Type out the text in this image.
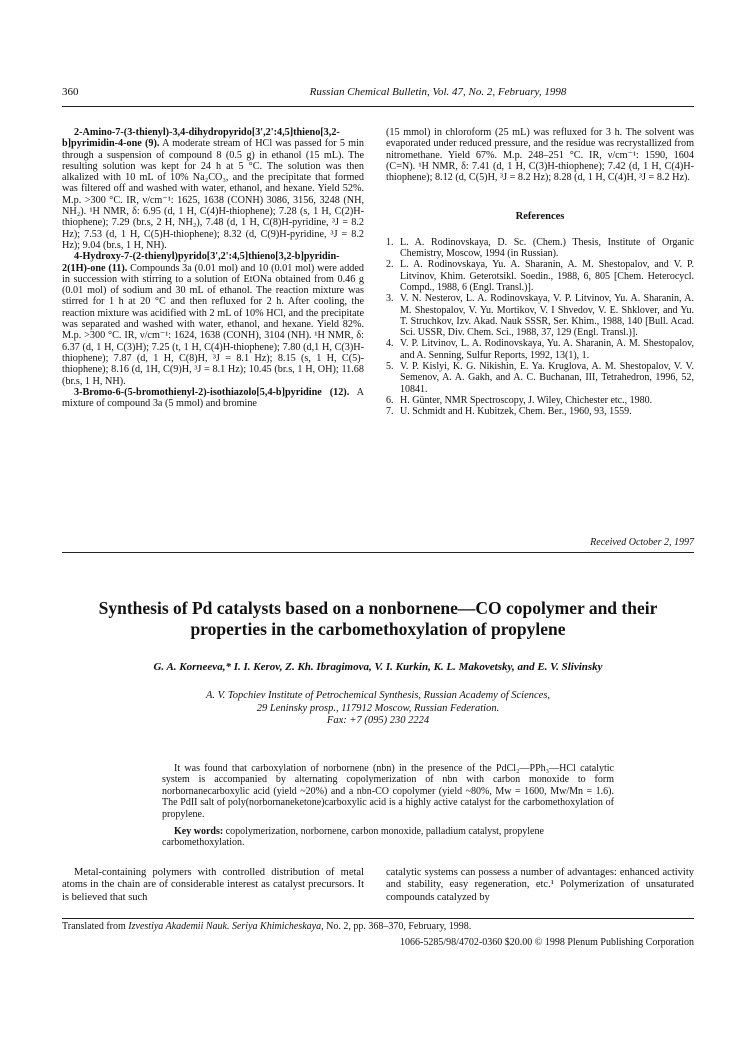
360	Russian Chemical Bulletin, Vol. 47, No. 2, February, 1998

2-Amino-7-(3-thienyl)-3,4-dihydropyrido[3',2':4,5]thieno[3,2-b]pyrimidin-4-one (9). A moderate stream of HCl was passed for 5 min through a suspension of compound 8 (0.5 g) in ethanol (15 mL). The resulting solution was kept for 24 h at 5 °C. The solution was then alkalized with 10 mL of 10% Na₂CO₃, and the precipitate that formed was filtered off and washed with water, ethanol, and hexane. Yield 52%. M.p. >300 °C. IR, ν/cm⁻¹: 1625, 1638 (CONH) 3086, 3156, 3248 (NH, NH₂). ¹H NMR, δ: 6.95 (d, 1 H, C(4)H-thiophene); 7.28 (s, 1 H, C(2)H-thiophene); 7.29 (br.s, 2 H, NH₂), 7.48 (d, 1 H, C(8)H-pyridine, ³J = 8.2 Hz); 7.53 (d, 1 H, C(5)H-thiophene); 8.32 (d, C(9)H-pyridine, ³J = 8.2 Hz); 9.04 (br.s, 1 H, NH).

4-Hydroxy-7-(2-thienyl)pyrido[3',2':4,5]thieno[3,2-b]pyridin-2(1H)-one (11). Compounds 3a (0.01 mol) and 10 (0.01 mol) were added in succession with stirring to a solution of EtONa obtained from 0.46 g (0.01 mol) of sodium and 30 mL of ethanol. The reaction mixture was stirred for 1 h at 20 °C and then refluxed for 2 h. After cooling, the reaction mixture was acidified with 2 mL of 10% HCl, and the precipitate was separated and washed with water, ethanol, and hexane. Yield 82%. M.p. >300 °C. IR, ν/cm⁻¹: 1624, 1638 (CONH), 3104 (NH). ¹H NMR, δ: 6.37 (d, 1 H, C(3)H); 7.25 (t, 1 H, C(4)H-thiophene); 7.80 (d,1 H, C(3)H-thiophene); 7.87 (d, 1 H, C(8)H, ³J = 8.1 Hz); 8.15 (s, 1 H, C(5)-thiophene); 8.16 (d, 1H, C(9)H, ³J = 8.1 Hz); 10.45 (br.s, 1 H, OH); 11.68 (br.s, 1 H, NH).

3-Bromo-6-(5-bromothienyl-2)-isothiazolo[5,4-b]pyridine (12). A mixture of compound 3a (5 mmol) and bromine

(15 mmol) in chloroform (25 mL) was refluxed for 3 h. The solvent was evaporated under reduced pressure, and the residue was recrystallized from nitromethane. Yield 67%. M.p. 248–251 °C. IR, ν/cm⁻¹: 1590, 1604 (C=N). ¹H NMR, δ: 7.41 (d, 1 H, C(3)H-thiophene); 7.42 (d, 1 H, C(4)H-thiophene); 8.12 (d, C(5)H, ³J = 8.2 Hz); 8.28 (d, 1 H, C(4)H, ³J = 8.2 Hz).

References
1. L. A. Rodinovskaya, D. Sc. (Chem.) Thesis, Institute of Organic Chemistry, Moscow, 1994 (in Russian).
2. L. A. Rodinovskaya, Yu. A. Sharanin, A. M. Shestopalov, and V. P. Litvinov, Khim. Geterotsikl. Soedin., 1988, 6, 805 [Chem. Heterocycl. Compd., 1988, 6 (Engl. Transl.)].
3. V. N. Nesterov, L. A. Rodinovskaya, V. P. Litvinov, Yu. A. Sharanin, A. M. Shestopalov, V. Yu. Mortikov, V. I Shvedov, V. E. Shklover, and Yu. T. Struchkov, Izv. Akad. Nauk SSSR, Ser. Khim., 1988, 140 [Bull. Acad. Sci. USSR, Div. Chem. Sci., 1988, 37, 129 (Engl. Transl.)].
4. V. P. Litvinov, L. A. Rodinovskaya, Yu. A. Sharanin, A. M. Shestopalov, and A. Senning, Sulfur Reports, 1992, 13(1), 1.
5. V. P. Kislyi, K. G. Nikishin, E. Ya. Kruglova, A. M. Shestopalov, V. V. Semenov, A. A. Gakh, and A. C. Buchanan, III, Tetrahedron, 1996, 52, 10841.
6. H. Günter, NMR Spectroscopy, J. Wiley, Chichester etc., 1980.
7. U. Schmidt and H. Kubitzek, Chem. Ber., 1960, 93, 1559.
Received October 2, 1997
Synthesis of Pd catalysts based on a nonbornene—CO copolymer and their properties in the carbomethoxylation of propylene
G. A. Korneeva,* I. I. Kerov, Z. Kh. Ibragimova, V. I. Kurkin, K. L. Makovetsky, and E. V. Slivinsky
A. V. Topchiev Institute of Petrochemical Synthesis, Russian Academy of Sciences,
29 Leninsky prosp., 117912 Moscow, Russian Federation.
Fax: +7 (095) 230 2224
It was found that carboxylation of norbornene (nbn) in the presence of the PdCl₂—PPh₃—HCl catalytic system is accompanied by alternating copolymerization of nbn with carbon monoxide to form norbornanecarboxylic acid (yield ~20%) and a nbn-CO copolymer (yield ~80%, Mw = 1600, Mw/Mn = 1.6). The PdII salt of poly(norbornaneketone)carboxylic acid is a highly active catalyst for the carbomethoxylation of propylene.
Key words: copolymerization, norbornene, carbon monoxide, palladium catalyst, propylene carbomethoxylation.
Metal-containing polymers with controlled distribution of metal atoms in the chain are of considerable interest as catalyst precursors. It is believed that such
catalytic systems can possess a number of advantages: enhanced activity and stability, easy regeneration, etc.¹ Polymerization of unsaturated compounds catalyzed by
Translated from Izvestiya Akademii Nauk. Seriya Khimicheskaya, No. 2, pp. 368–370, February, 1998.
1066-5285/98/4702-0360 $20.00 © 1998 Plenum Publishing Corporation
